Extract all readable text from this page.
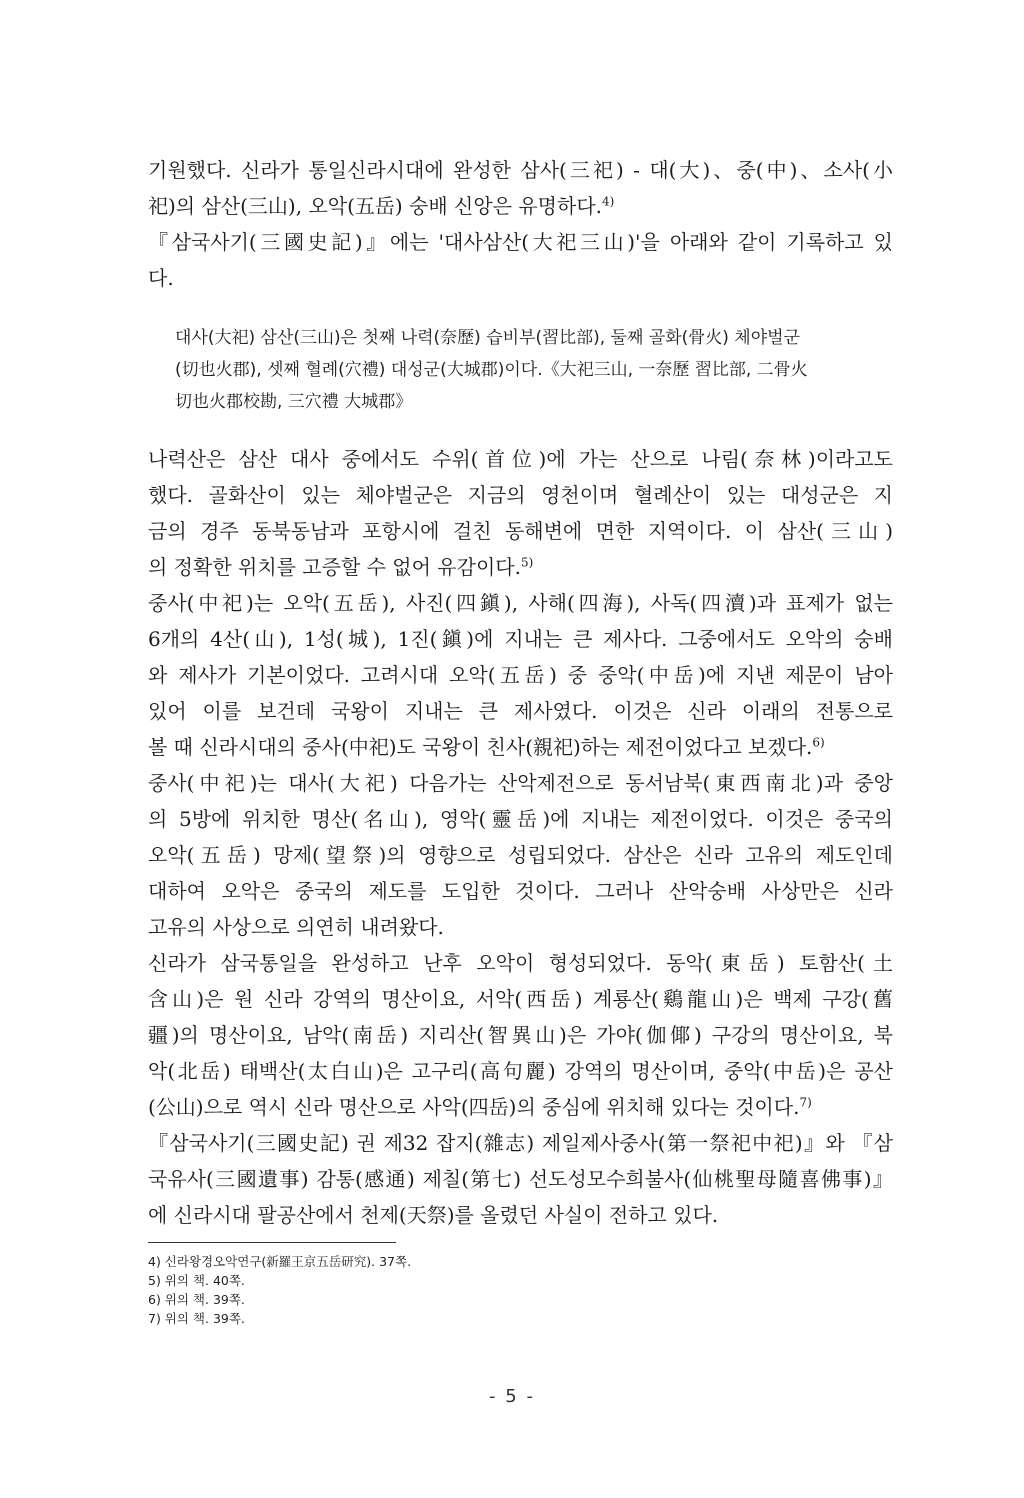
기원했다. 신라가 통일신라시대에 완성한 삼사(三祀) - 대(大)、중(中)、소사(小
祀)의 삼산(三山), 오악(五岳) 숭배 신앙은 유명하다.$^{4)}$
『삼국사기(三國史記)』에는 '대사삼산(大祀三山)'을 아래와 같이 기록하고 있
다.
대사(大祀) 삼산(三山)은 첫째 나력(奈歷) 습비부(習比部), 둘째 골화(骨火) 체야벌군
(切也火郡), 셋째 혈례(穴禮) 대성군(大城郡)이다.《大祀三山, 一奈歷 習比部, 二骨火
切也火郡校勘, 三穴禮 大城郡》
나력산은 삼산 대사 중에서도 수위(首位)에 가는 산으로 나림(奈林)이라고도
했다. 골화산이 있는 체야벌군은 지금의 영천이며 혈례산이 있는 대성군은 지
금의 경주 동북동남과 포항시에 걸친 동해변에 면한 지역이다. 이 삼산(三山)
의 정확한 위치를 고증할 수 없어 유감이다.$^{5)}$
중사(中祀)는 오악(五岳), 사진(四鎭), 사해(四海), 사독(四瀆)과 표제가 없는
6개의 4산(山), 1성(城), 1진(鎭)에 지내는 큰 제사다. 그중에서도 오악의 숭배
와 제사가 기본이었다. 고려시대 오악(五岳) 중 중악(中岳)에 지낸 제문이 남아
있어 이를 보건데 국왕이 지내는 큰 제사였다. 이것은 신라 이래의 전통으로
볼 때 신라시대의 중사(中祀)도 국왕이 친사(親祀)하는 제전이었다고 보겠다.$^{6)}$
중사(中祀)는 대사(大祀) 다음가는 산악제전으로 동서남북(東西南北)과 중앙
의 5방에 위치한 명산(名山), 영악(靈岳)에 지내는 제전이었다. 이것은 중국의
오악(五岳) 망제(望祭)의 영향으로 성립되었다. 삼산은 신라 고유의 제도인데
대하여 오악은 중국의 제도를 도입한 것이다. 그러나 산악숭배 사상만은 신라
고유의 사상으로 의연히 내려왔다.
신라가 삼국통일을 완성하고 난후 오악이 형성되었다. 동악(東岳) 토함산(土
含山)은 원 신라 강역의 명산이요, 서악(西岳) 계룡산(鷄龍山)은 백제 구강(舊
疆)의 명산이요, 남악(南岳) 지리산(智異山)은 가야(伽倻) 구강의 명산이요, 북
악(北岳) 태백산(太白山)은 고구리(高句麗) 강역의 명산이며, 중악(中岳)은 공산
(公山)으로 역시 신라 명산으로 사악(四岳)의 중심에 위치해 있다는 것이다.$^{7)}$
『삼국사기(三國史記) 권 제32 잡지(雜志) 제일제사중사(第一祭祀中祀)』와 『삼
국유사(三國遺事) 감통(感通) 제칠(第七) 선도성모수희불사(仙桃聖母隨喜佛事)』
에 신라시대 팔공산에서 천제(天祭)를 올렸던 사실이 전하고 있다.
4) 신라왕경오악연구(新羅王京五岳研究). 37쪽.
5) 위의 책. 40쪽.
6) 위의 책. 39쪽.
7) 위의 책. 39쪽.
- 5 -
